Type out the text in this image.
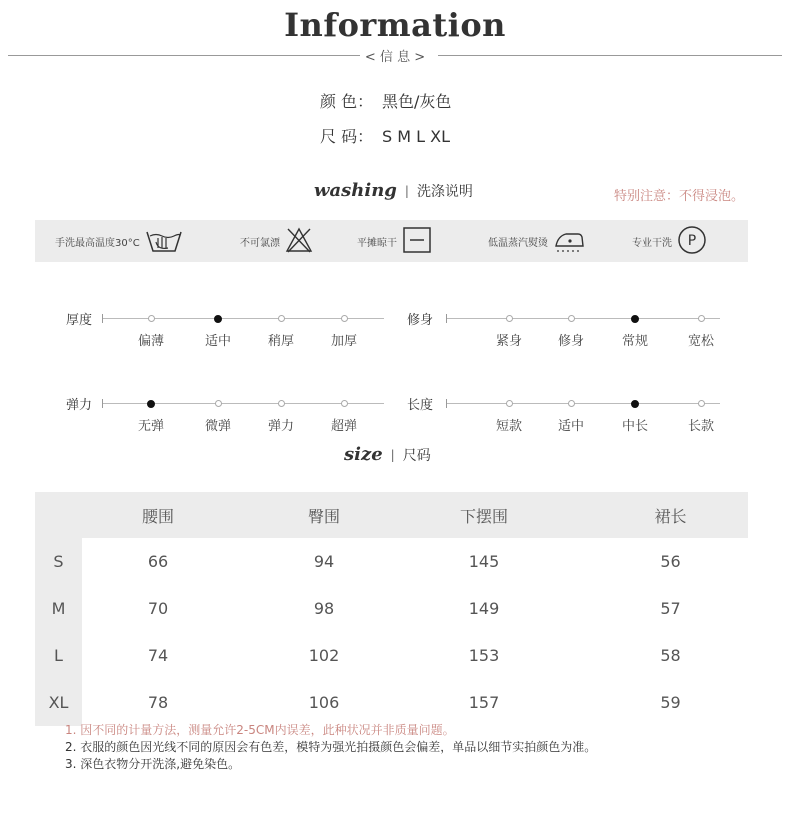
Information
< 信 息 >
颜 色： 黑色/灰色
尺 码： S M L XL
washing | 洗涤说明	特别注意：不得浸泡。
手洗最高温度30°C	不可氯漂	平摊晾干	低温蒸汽熨烫	专业干洗 P
厚度
偏薄	适中	稍厚	加厚
修身
紧身	修身	常规	宽松
弹力
无弹	微弹	弹力	超弹
长度
短款	适中	中长	长款
size | 尺码
	腰围	臀围	下摆围	裙长
S	66	94	145	56
M	70	98	149	57
L	74	102	153	58
XL	78	106	157	59
1. 因不同的计量方法，测量允许2-5CM内误差，此种状况并非质量问题。
2. 衣服的颜色因光线不同的原因会有色差，模特为强光拍摄颜色会偏差，单品以细节实拍颜色为准。
3. 深色衣物分开洗涤,避免染色。
